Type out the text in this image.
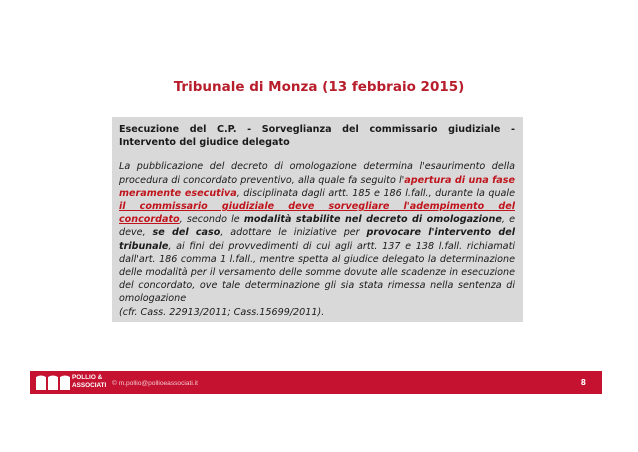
Tribunale di Monza (13 febbraio 2015)

Esecuzione del C.P. - Sorveglianza del commissario giudiziale - Intervento del giudice delegato

La pubblicazione del decreto di omologazione determina l'esaurimento della procedura di concordato preventivo, alla quale fa seguito l'apertura di una fase meramente esecutiva, disciplinata dagli artt. 185 e 186 l.fall., durante la quale il commissario giudiziale deve sorvegliare l'adempimento del concordato, secondo le modalità stabilite nel decreto di omologazione, e deve, se del caso, adottare le iniziative per provocare l'intervento del tribunale, ai fini dei provvedimenti di cui agli artt. 137 e 138 l.fall. richiamati dall'art. 186 comma 1 l.fall., mentre spetta al giudice delegato la determinazione delle modalità per il versamento delle somme dovute alle scadenze in esecuzione del concordato, ove tale determinazione gli sia stata rimessa nella sentenza di omologazione
(cfr. Cass. 22913/2011; Cass.15699/2011).

POLLIO &
ASSOCIATI © m.pollio@pollioeassociati.it	8
